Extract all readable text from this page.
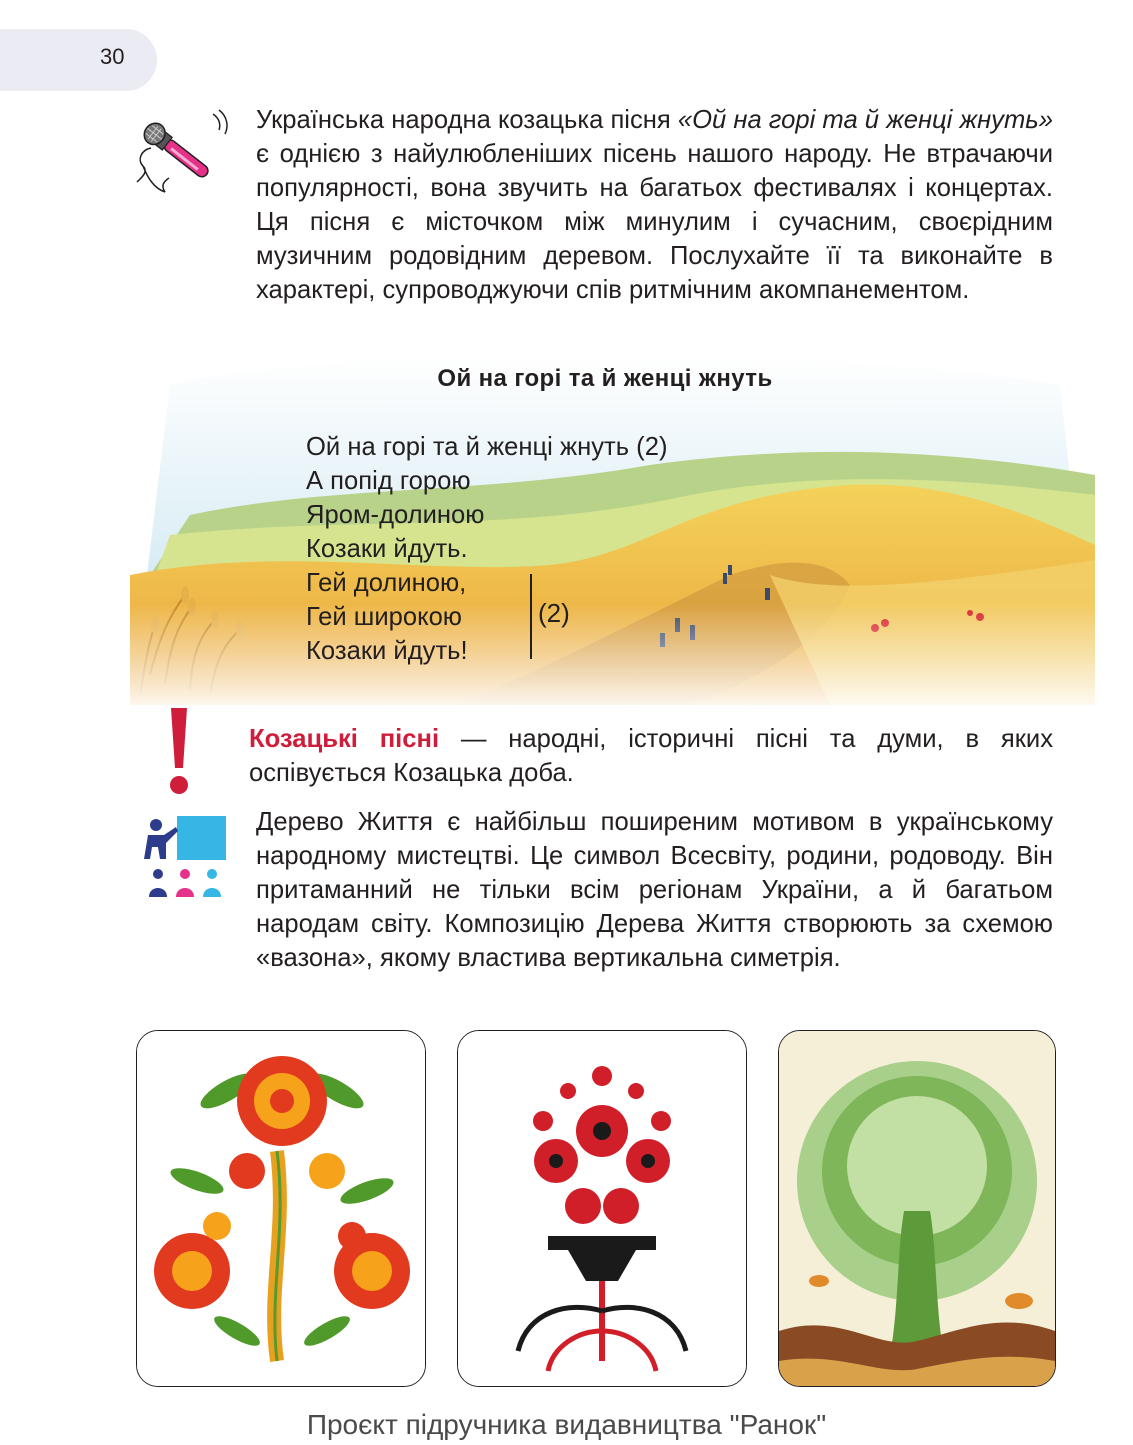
30

Українська народна козацька пісня «Ой на горі та й женці жнуть» є однією з найулюбленіших пісень нашого народу. Не втрачаючи популярності, вона звучить на багатьох фестивалях і концертах. Ця пісня є місточком між минулим і сучасним, своєрідним музичним родовідним деревом. Послухайте її та виконайте в характері, супроводжуючи спів ритмічним акомпанементом.

Ой на горі та й женці жнуть
Ой на горі та й женці жнуть (2)
А попід горою
Яром-долиною
Козаки йдуть.
Гей долиною,
Гей широкою
Козаки йдуть!
(2)

Козацькі пісні — народні, історичні пісні та думи, в яких оспівується Козацька доба.

Дерево Життя є найбільш поширеним мотивом в українському народному мистецтві. Це символ Всесвіту, родини, родоводу. Він притаманний не тільки всім регіонам України, а й багатьом народам світу. Композицію Дерева Життя створюють за схемою «вазона», якому властива вертикальна симетрія.

Проєкт підручника видавництва "Ранок"
